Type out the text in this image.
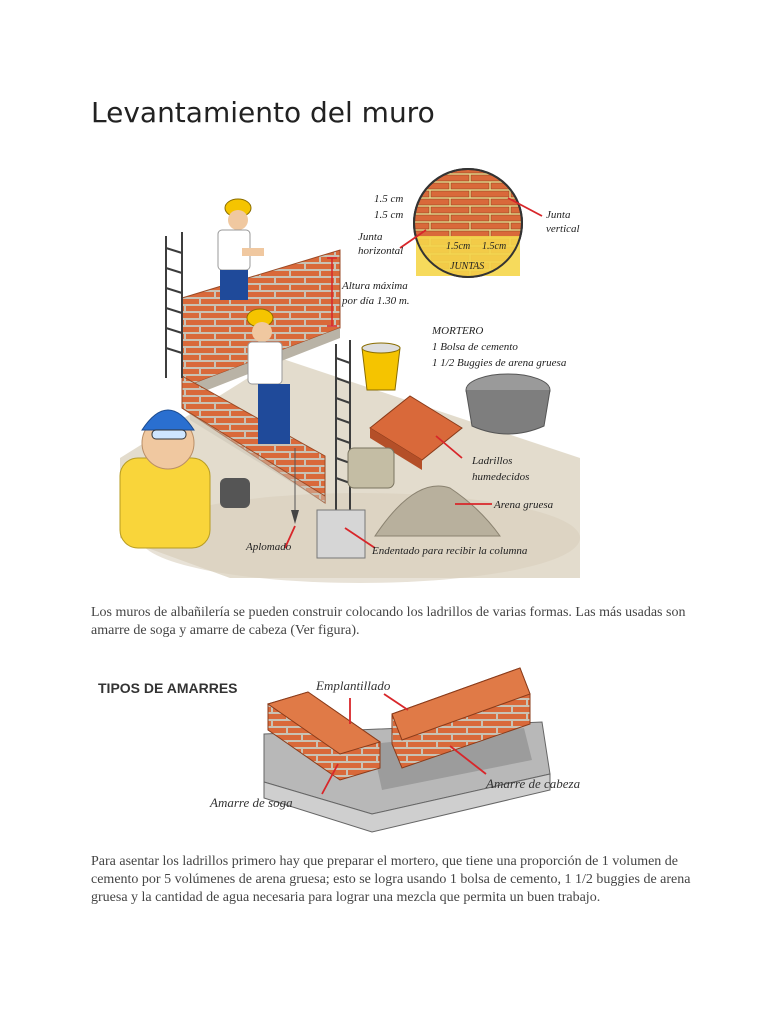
Levantamiento del muro
1.5 cm
1.5 cm
Junta
horizontal
Junta
vertical
1.5cm 1.5cm
JUNTAS
Altura máxima
por día 1.30 m.
MORTERO
1 Bolsa de cemento
1 1/2 Buggies de arena gruesa
Ladrillos
humedecidos
Arena gruesa
Aplomado	Endentado para recibir la columna

Los muros de albañilería se pueden construir colocando los ladrillos de varias formas. Las más usadas son amarre de soga y amarre de cabeza (Ver figura).

TIPOS DE AMARRES	Emplantillado
Amarre de cabeza
Amarre de soga

Para asentar los ladrillos primero hay que preparar el mortero, que tiene una proporción de 1 volumen de cemento por 5 volúmenes de arena gruesa; esto se logra usando 1 bolsa de cemento, 1 1/2 buggies de arena gruesa y la cantidad de agua necesaria para lograr una mezcla que permita un buen trabajo.
